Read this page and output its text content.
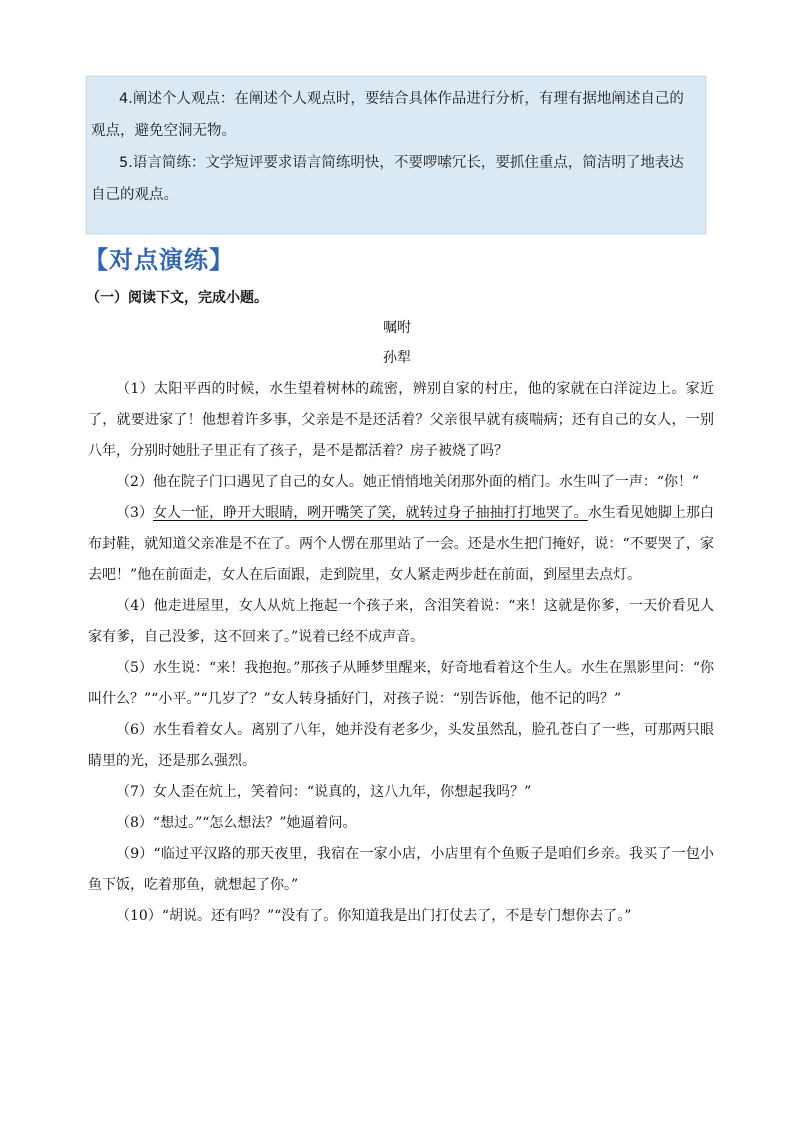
4.阐述个人观点：在阐述个人观点时，要结合具体作品进行分析，有理有据地阐述自己的观点，避免空洞无物。

5.语言简练：文学短评要求语言简练明快，不要啰嗦冗长，要抓住重点，简洁明了地表达自己的观点。

【对点演练】
（一）阅读下文，完成小题。
嘱咐
孙犁

（1）太阳平西的时候，水生望着树林的疏密，辨别自家的村庄，他的家就在白洋淀边上。家近了，就要进家了！他想着许多事，父亲是不是还活着？父亲很早就有痰喘病；还有自己的女人，一别八年，分别时她肚子里正有了孩子，是不是都活着？房子被烧了吗？

（2）他在院子门口遇见了自己的女人。她正悄悄地关闭那外面的梢门。水生叫了一声：“你！”

（3）女人一怔，睁开大眼睛，咧开嘴笑了笑，就转过身子抽抽打打地哭了。水生看见她脚上那白布封鞋，就知道父亲准是不在了。两个人愣在那里站了一会。还是水生把门掩好，说：“不要哭了，家去吧！”他在前面走，女人在后面跟，走到院里，女人紧走两步赶在前面，到屋里去点灯。

（4）他走进屋里，女人从炕上拖起一个孩子来，含泪笑着说：“来！这就是你爹，一天价看见人家有爹，自己没爹，这不回来了。”说着已经不成声音。

（5）水生说：“来！我抱抱。”那孩子从睡梦里醒来，好奇地看着这个生人。水生在黑影里问：“你叫什么？”“小平。”“几岁了？”女人转身插好门，对孩子说：“别告诉他，他不记的吗？”

（6）水生看着女人。离别了八年，她并没有老多少，头发虽然乱，脸孔苍白了一些，可那两只眼睛里的光，还是那么强烈。

（7）女人歪在炕上，笑着问：“说真的，这八九年，你想起我吗？”

（8）“想过。”“怎么想法？”她逼着问。

（9）“临过平汉路的那天夜里，我宿在一家小店，小店里有个鱼贩子是咱们乡亲。我买了一包小鱼下饭，吃着那鱼，就想起了你。”

（10）“胡说。还有吗？”“没有了。你知道我是出门打仗去了，不是专门想你去了。”
